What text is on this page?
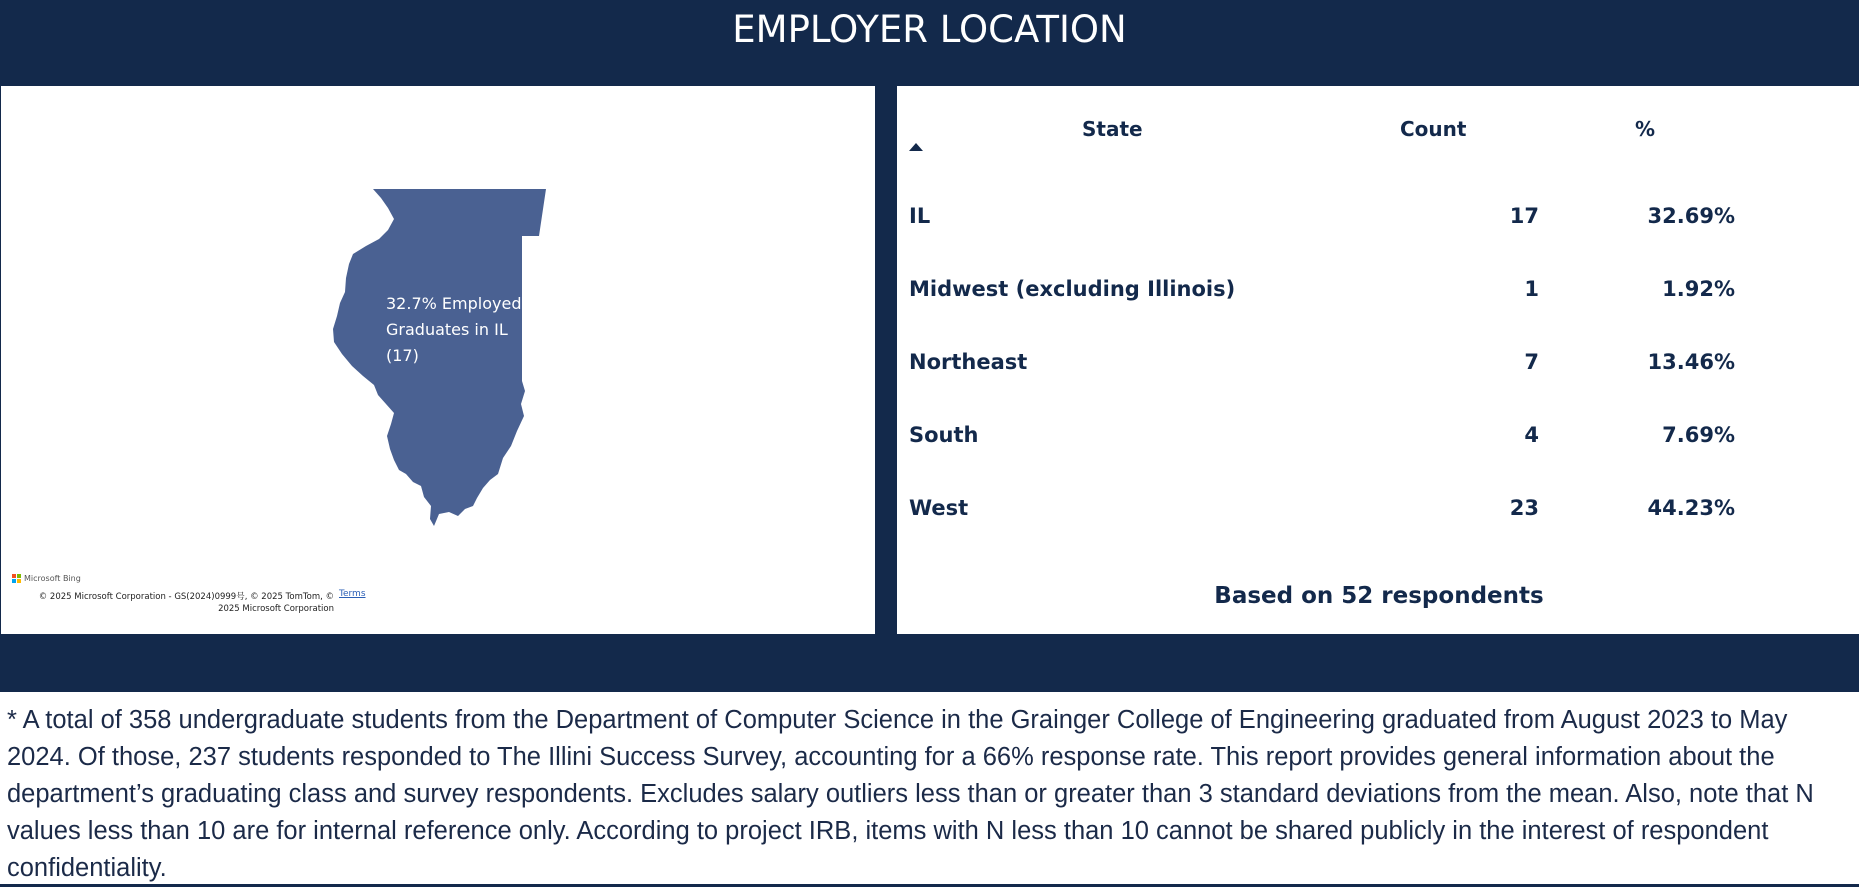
EMPLOYER LOCATION
32.7% Employed
Graduates in IL
(17)
Microsoft Bing
© 2025 Microsoft Corporation - GS(2024)0999号, © 2025 TomTom, © 2025 Microsoft Corporation
Terms
State	Count	%
IL	17	32.69%
Midwest (excluding Illinois)	1	1.92%
Northeast	7	13.46%
South	4	7.69%
West	23	44.23%
Based on 52 respondents
* A total of 358 undergraduate students from the Department of Computer Science in the Grainger College of Engineering graduated from August 2023 to May 2024. Of those, 237 students responded to The Illini Success Survey, accounting for a 66% response rate. This report provides general information about the department’s graduating class and survey respondents. Excludes salary outliers less than or greater than 3 standard deviations from the mean. Also, note that N values less than 10 are for internal reference only. According to project IRB, items with N less than 10 cannot be shared publicly in the interest of respondent confidentiality.
